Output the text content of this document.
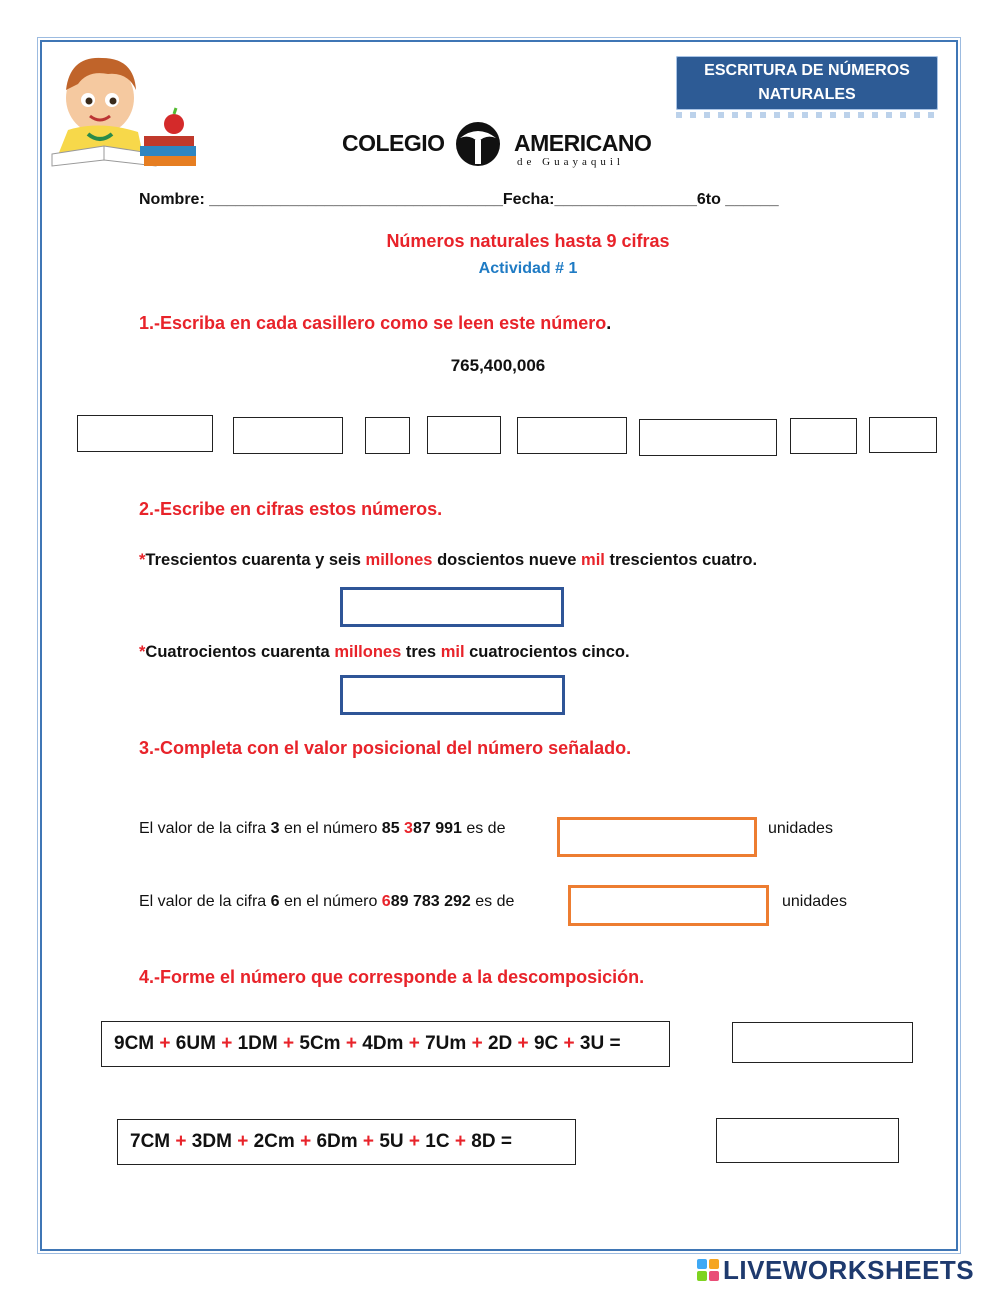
ESCRITURA DE NÚMEROS
NATURALES
COLEGIO	AMERICANO
de Guayaquil
Nombre: _________________________________Fecha:________________6to ______
Números naturales hasta 9 cifras
Actividad # 1
1.-Escriba en cada casillero como se leen este número.
765,400,006
2.-Escribe en cifras estos números.
*Trescientos cuarenta y seis millones doscientos nueve mil trescientos cuatro.
*Cuatrocientos cuarenta millones tres mil cuatrocientos cinco.
3.-Completa con el valor posicional del número señalado.
El valor de la cifra 3 en el número 85 387 991 es de	unidades
El valor de la cifra 6 en el número 689 783 292 es de	unidades
4.-Forme el número que corresponde a la descomposición.
9CM
+
6UM
+
1DM
+
5Cm
+
4Dm
+
7Um
+
2D
+
9C
+
3U =
7CM
+
3DM
+
2Cm
+
6Dm
+
5U
+
1C
+
8D =
LIVEWORKSHEETS
